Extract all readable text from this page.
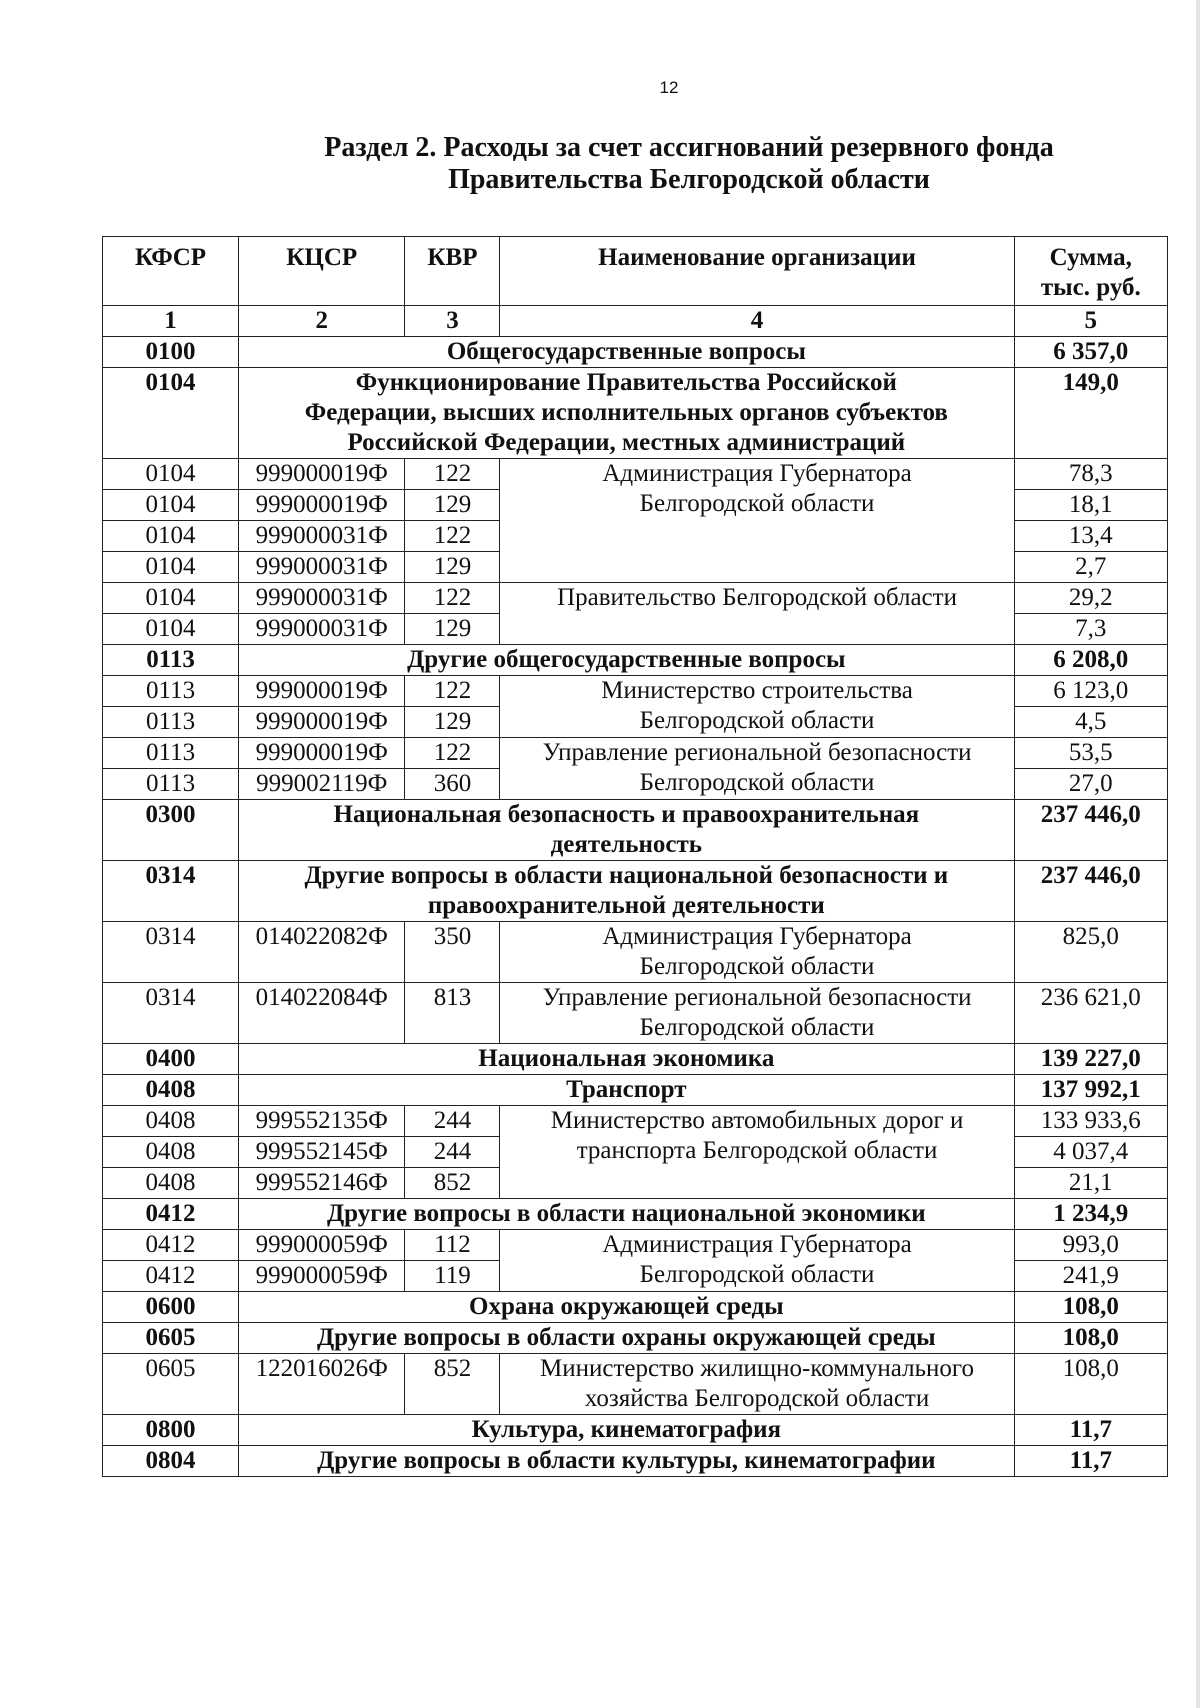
12
Раздел 2. Расходы за счет ассигнований резервного фонда
Правительства Белгородской области
КФСР	КЦСР	КВР	Наименование организации	Сумма,
тыс. руб.

1	2	3	4	5
0100	Общегосударственные вопросы			6 357,0
0104	Функционирование Правительства Российской
Федерации, высших исполнительных органов субъектов
Российской Федерации, местных администраций			149,0
0104	999000019Ф	122	Администрация Губернатора
Белгородской области	78,3
0104	999000019Ф	129		18,1
0104	999000031Ф	122		13,4
0104	999000031Ф	129		2,7
0104	999000031Ф	122	Правительство Белгородской области	29,2
0104	999000031Ф	129		7,3
0113	Другие общегосударственные вопросы			6 208,0
0113	999000019Ф	122	Министерство строительства
Белгородской области	6 123,0
0113	999000019Ф	129		4,5
0113	999000019Ф	122	Управление региональной безопасности
Белгородской области	53,5
0113	999002119Ф	360		27,0
0300	Национальная безопасность и правоохранительная
деятельность			237 446,0
0314	Другие вопросы в области национальной безопасности и
правоохранительной деятельности			237 446,0
0314	014022082Ф	350	Администрация Губернатора
Белгородской области	825,0
0314	014022084Ф	813	Управление региональной безопасности
Белгородской области	236 621,0
0400	Национальная экономика			139 227,0
0408	Транспорт			137 992,1
0408	999552135Ф	244	Министерство автомобильных дорог и
транспорта Белгородской области	133 933,6
0408	999552145Ф	244		4 037,4
0408	999552146Ф	852		21,1
0412	Другие вопросы в области национальной экономики			1 234,9
0412	999000059Ф	112	Администрация Губернатора
Белгородской области	993,0
0412	999000059Ф	119		241,9
0600	Охрана окружающей среды			108,0
0605	Другие вопросы в области охраны окружающей среды			108,0
0605	122016026Ф	852	Министерство жилищно-коммунального
хозяйства Белгородской области	108,0
0800	Культура, кинематография			11,7
0804	Другие вопросы в области культуры, кинематографии			11,7
